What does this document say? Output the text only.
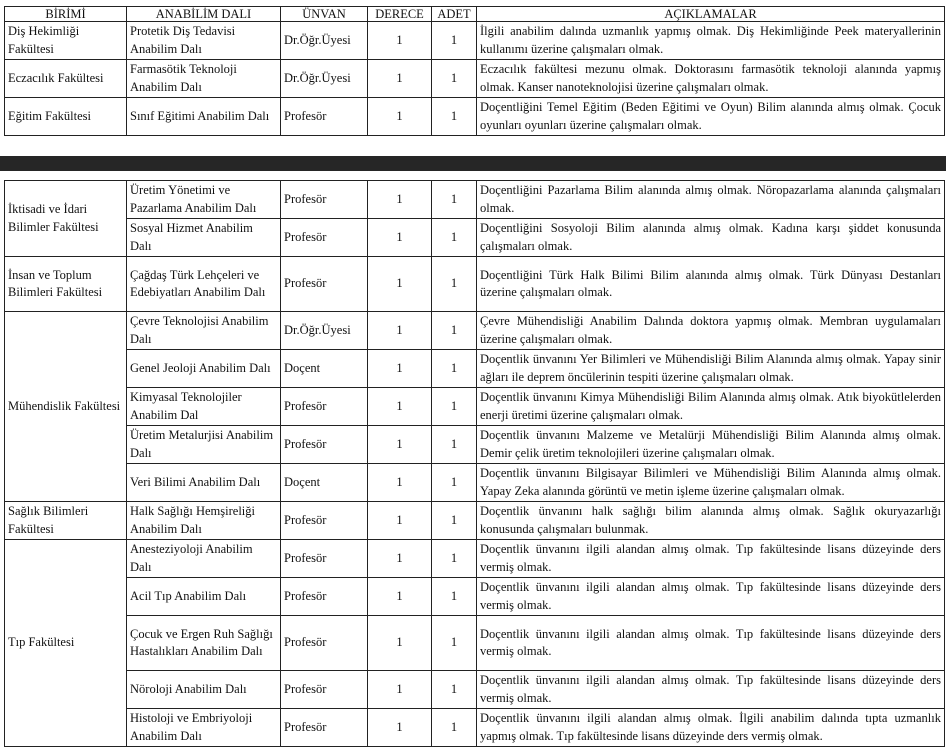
BİRİMİ	ANABİLİM DALI	ÜNVAN	DERECE	ADET	AÇIKLAMALAR
Diş Hekimliği Fakültesi	Protetik Diş Tedavisi Anabilim Dalı	Dr.Öğr.Üyesi	1	1	İlgili anabilim dalında uzmanlık yapmış olmak. Diş Hekimliğinde Peek materyallerinin kullanımı üzerine çalışmaları olmak.
Eczacılık Fakültesi	Farmasötik Teknoloji Anabilim Dalı	Dr.Öğr.Üyesi	1	1	Eczacılık fakültesi mezunu olmak. Doktorasını farmasötik teknoloji alanında yapmış olmak. Kanser nanoteknolojisi üzerine çalışmaları olmak.
Eğitim Fakültesi	Sınıf Eğitimi Anabilim Dalı	Profesör	1	1	Doçentliğini Temel Eğitim (Beden Eğitimi ve Oyun) Bilim alanında almış olmak. Çocuk oyunları oyunları üzerine çalışmaları olmak.
İktisadi ve İdari Bilimler Fakültesi	Üretim Yönetimi ve Pazarlama Anabilim Dalı	Profesör	1	1	Doçentliğini Pazarlama Bilim alanında almış olmak. Nöropazarlama alanında çalışmaları olmak.
	Sosyal Hizmet Anabilim Dalı	Profesör	1	1	Doçentliğini Sosyoloji Bilim alanında almış olmak. Kadına karşı şiddet konusunda çalışmaları olmak.
İnsan ve Toplum Bilimleri Fakültesi	Çağdaş Türk Lehçeleri ve Edebiyatları Anabilim Dalı	Profesör	1	1	Doçentliğini Türk Halk Bilimi Bilim alanında almış olmak. Türk Dünyası Destanları üzerine çalışmaları olmak.
Mühendislik Fakültesi	Çevre Teknolojisi Anabilim Dalı	Dr.Öğr.Üyesi	1	1	Çevre Mühendisliği Anabilim Dalında doktora yapmış olmak. Membran uygulamaları üzerine çalışmaları olmak.
	Genel Jeoloji Anabilim Dalı	Doçent	1	1	Doçentlik ünvanını Yer Bilimleri ve Mühendisliği Bilim Alanında almış olmak. Yapay sinir ağları ile deprem öncülerinin tespiti üzerine çalışmaları olmak.
	Kimyasal Teknolojiler Anabilim Dal	Profesör	1	1	Doçentlik ünvanını Kimya Mühendisliği Bilim Alanında almış olmak. Atık biyokütlelerden enerji üretimi üzerine çalışmaları olmak.
	Üretim Metalurjisi Anabilim Dalı	Profesör	1	1	Doçentlik ünvanını Malzeme ve Metalürji Mühendisliği Bilim Alanında almış olmak. Demir çelik üretim teknolojileri üzerine çalışmaları olmak.
	Veri Bilimi Anabilim Dalı	Doçent	1	1	Doçentlik ünvanını Bilgisayar Bilimleri ve Mühendisliği Bilim Alanında almış olmak. Yapay Zeka alanında görüntü ve metin işleme üzerine çalışmaları olmak.
Sağlık Bilimleri Fakültesi	Halk Sağlığı Hemşireliği Anabilim Dalı	Profesör	1	1	Doçentlik ünvanını halk sağlığı bilim alanında almış olmak. Sağlık okuryazarlığı konusunda çalışmaları bulunmak.
Tıp Fakültesi	Anesteziyoloji Anabilim Dalı	Profesör	1	1	Doçentlik ünvanını ilgili alandan almış olmak. Tıp fakültesinde lisans düzeyinde ders vermiş olmak.
	Acil Tıp Anabilim Dalı	Profesör	1	1	Doçentlik ünvanını ilgili alandan almış olmak. Tıp fakültesinde lisans düzeyinde ders vermiş olmak.
	Çocuk ve Ergen Ruh Sağlığı Hastalıkları Anabilim Dalı	Profesör	1	1	Doçentlik ünvanını ilgili alandan almış olmak. Tıp fakültesinde lisans düzeyinde ders vermiş olmak.
	Nöroloji Anabilim Dalı	Profesör	1	1	Doçentlik ünvanını ilgili alandan almış olmak. Tıp fakültesinde lisans düzeyinde ders vermiş olmak.
	Histoloji ve Embriyoloji Anabilim Dalı	Profesör	1	1	Doçentlik ünvanını ilgili alandan almış olmak. İlgili anabilim dalında tıpta uzmanlık yapmış olmak. Tıp fakültesinde lisans düzeyinde ders vermiş olmak.
